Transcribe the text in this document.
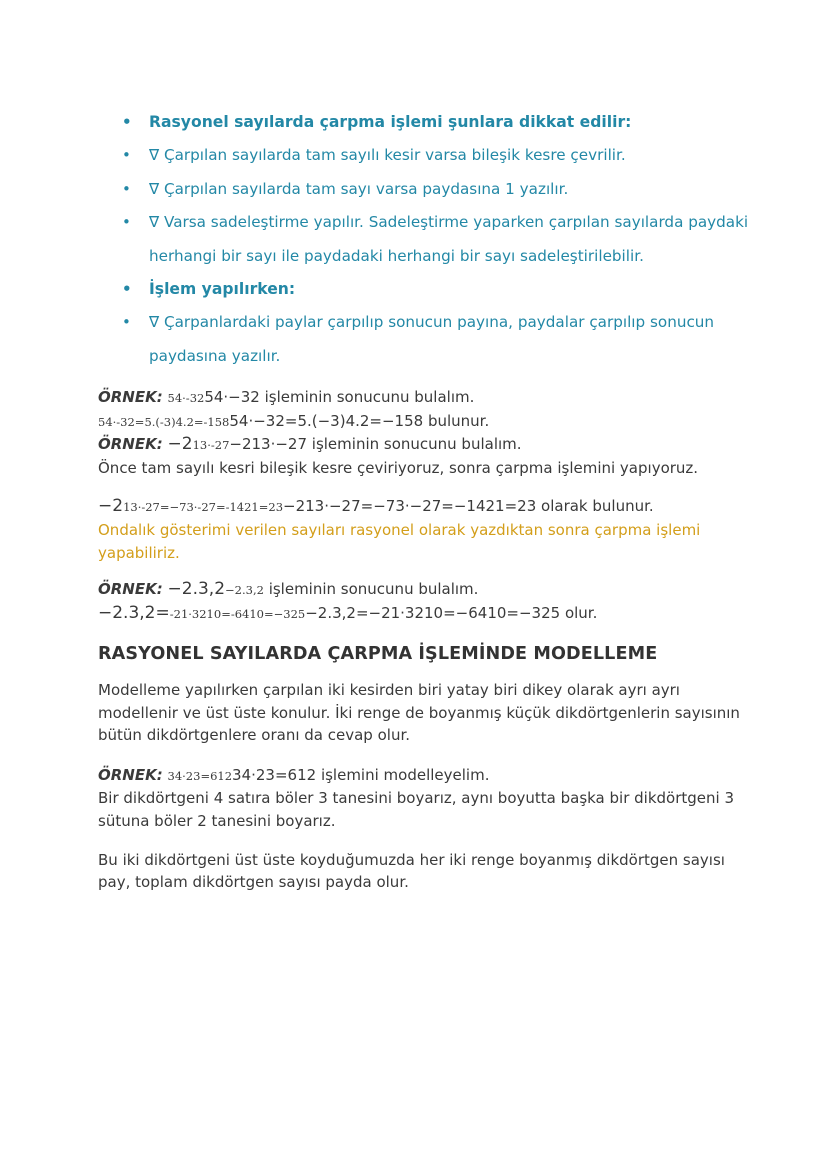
• Rasyonel sayılarda çarpma işlemi şunlara dikkat edilir:
• ∇ Çarpılan sayılarda tam sayılı kesir varsa bileşik kesre çevrilir.
• ∇ Çarpılan sayılarda tam sayı varsa paydasına 1 yazılır.
• ∇ Varsa sadeleştirme yapılır. Sadeleştirme yaparken çarpılan sayılarda paydaki herhangi bir sayı ile paydadaki herhangi bir sayı sadeleştirilebilir.
• İşlem yapılırken:
• ∇ Çarpanlardaki paylar çarpılıp sonucun payına, paydalar çarpılıp sonucun paydasına yazılır.

ÖRNEK: 54·-3254·−32 işleminin sonucunu bulalım.

54·-32=5.(-3)4.2=-15854·−32=5.(−3)4.2=−158 bulunur.

ÖRNEK: −213·-27−213·−27 işleminin sonucunu bulalım.

Önce tam sayılı kesri bileşik kesre çeviriyoruz, sonra çarpma işlemini yapıyoruz.

−213·-27=−73·-27=-1421=23−213·−27=−73·−27=−1421=23 olarak bulunur.

Ondalık gösterimi verilen sayıları rasyonel olarak yazdıktan sonra çarpma işlemi yapabiliriz.

ÖRNEK: −2.3,2−2.3,2 işleminin sonucunu bulalım.

−2.3,2=-21·3210=-6410=−325−2.3,2=−21·3210=−6410=−325 olur.

RASYONEL SAYILARDA ÇARPMA İŞLEMİNDE MODELLEME

Modelleme yapılırken çarpılan iki kesirden biri yatay biri dikey olarak ayrı ayrı modellenir ve üst üste konulur. İki renge de boyanmış küçük dikdörtgenlerin sayısının bütün dikdörtgenlere oranı da cevap olur.

ÖRNEK: 34·23=61234·23=612 işlemini modelleyelim.

Bir dikdörtgeni 4 satıra böler 3 tanesini boyarız, aynı boyutta başka bir dikdörtgeni 3 sütuna böler 2 tanesini boyarız.

Bu iki dikdörtgeni üst üste koyduğumuzda her iki renge boyanmış dikdörtgen sayısı pay, toplam dikdörtgen sayısı payda olur.
